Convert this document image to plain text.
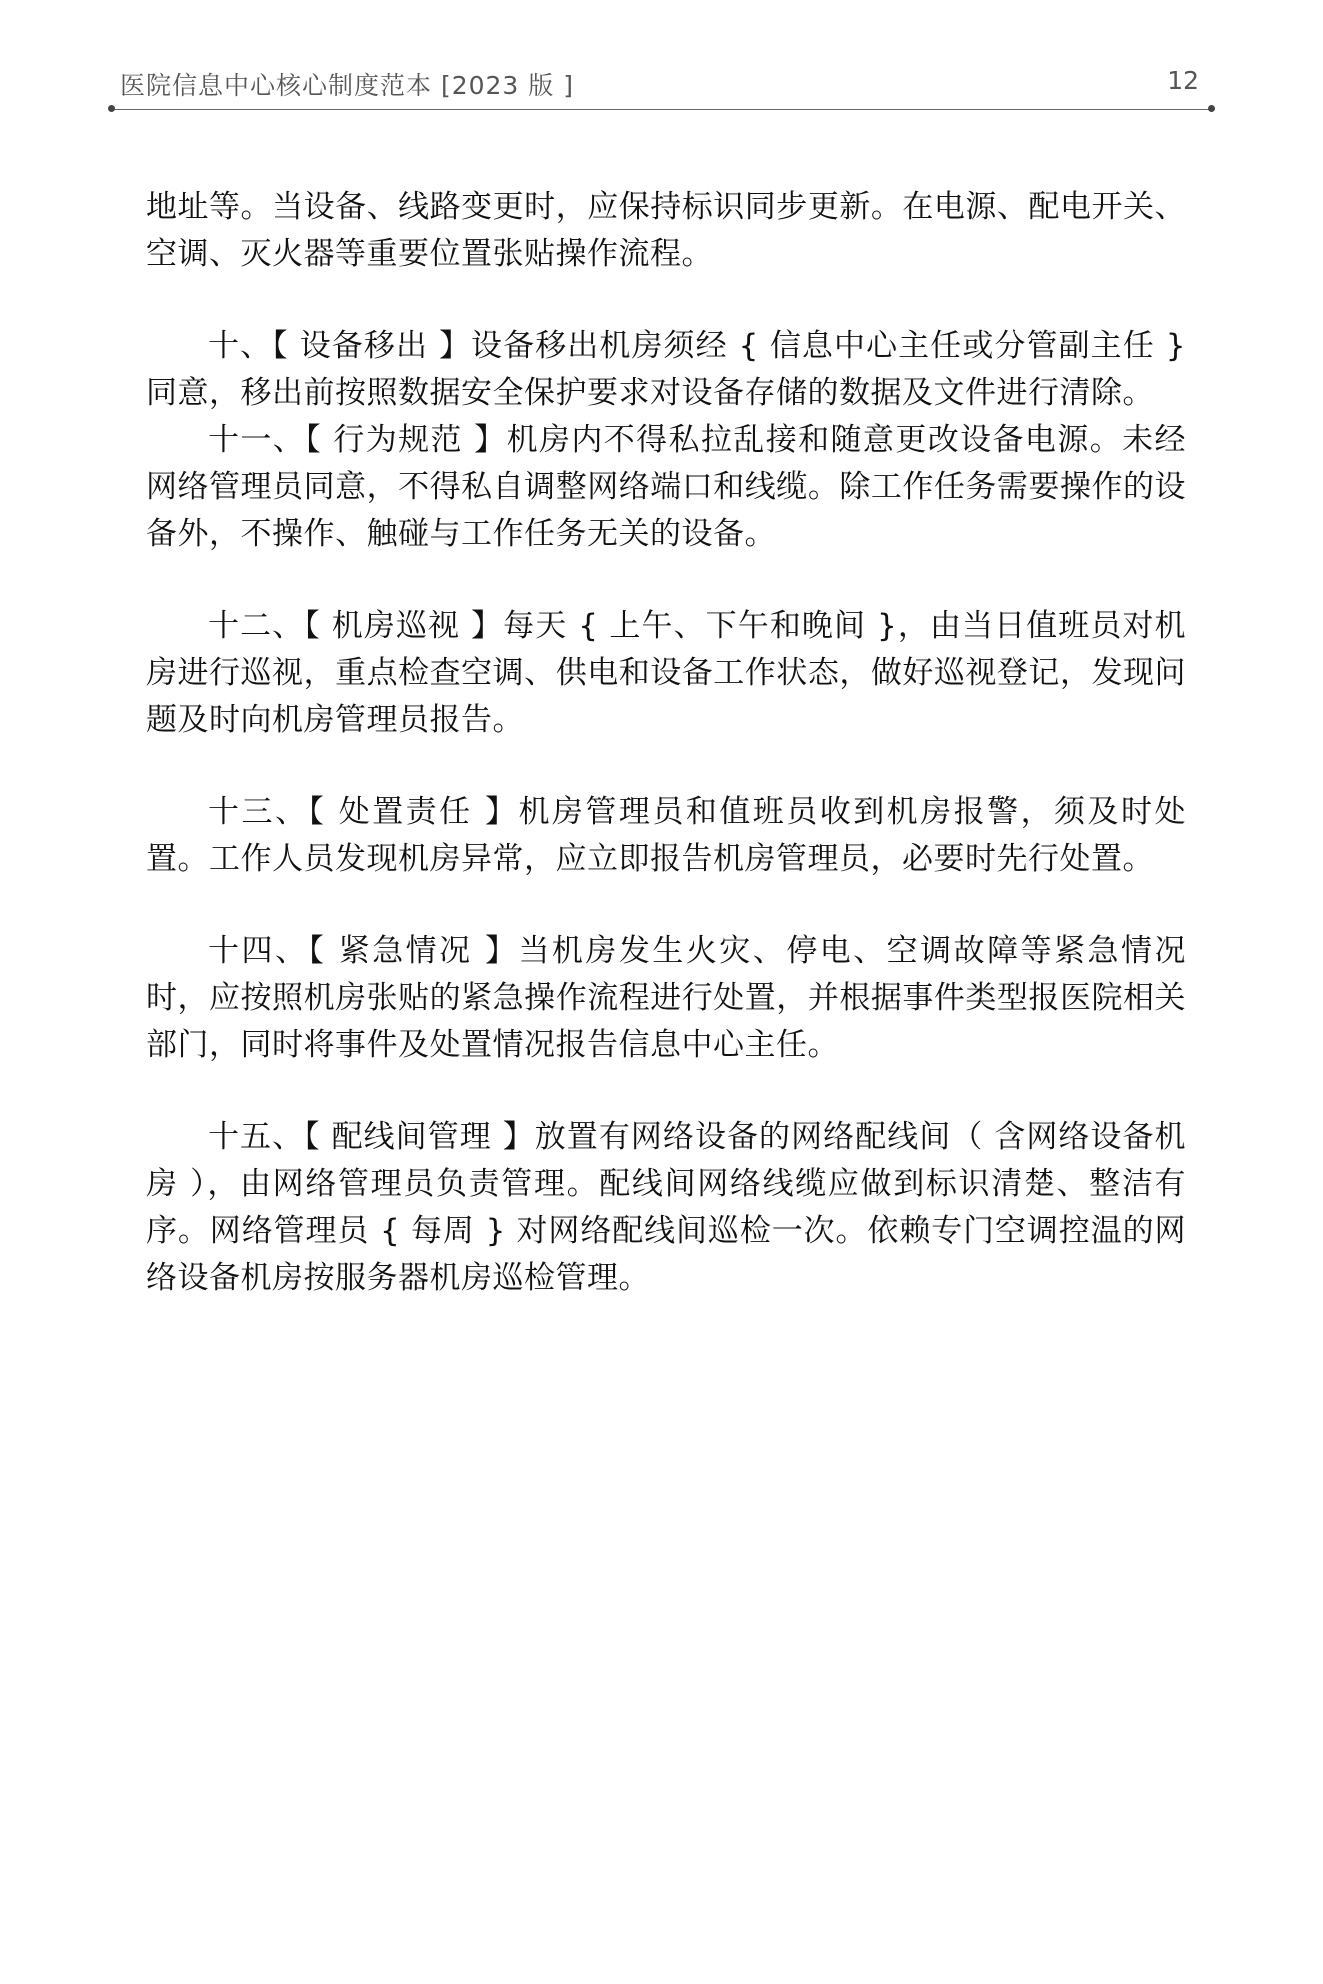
医院信息中心核心制度范本 [2023 版 ]	12

地址等。当设备、线路变更时，应保持标识同步更新。在电源、配电开关、空调、灭火器等重要位置张贴操作流程。

十、【 设备移出 】设备移出机房须经 { 信息中心主任或分管副主任 } 同意，移出前按照数据安全保护要求对设备存储的数据及文件进行清除。

十一、【 行为规范 】机房内不得私拉乱接和随意更改设备电源。未经网络管理员同意，不得私自调整网络端口和线缆。除工作任务需要操作的设备外，不操作、触碰与工作任务无关的设备。

十二、【 机房巡视 】每天 { 上午、下午和晚间 }，由当日值班员对机房进行巡视，重点检查空调、供电和设备工作状态，做好巡视登记，发现问题及时向机房管理员报告。

十三、【 处置责任 】机房管理员和值班员收到机房报警，须及时处置。工作人员发现机房异常，应立即报告机房管理员，必要时先行处置。

十四、【 紧急情况 】当机房发生火灾、停电、空调故障等紧急情况时，应按照机房张贴的紧急操作流程进行处置，并根据事件类型报医院相关部门，同时将事件及处置情况报告信息中心主任。

十五、【 配线间管理 】放置有网络设备的网络配线间（ 含网络设备机房 ），由网络管理员负责管理。配线间网络线缆应做到标识清楚、整洁有序。网络管理员 { 每周 } 对网络配线间巡检一次。依赖专门空调控温的网络设备机房按服务器机房巡检管理。
